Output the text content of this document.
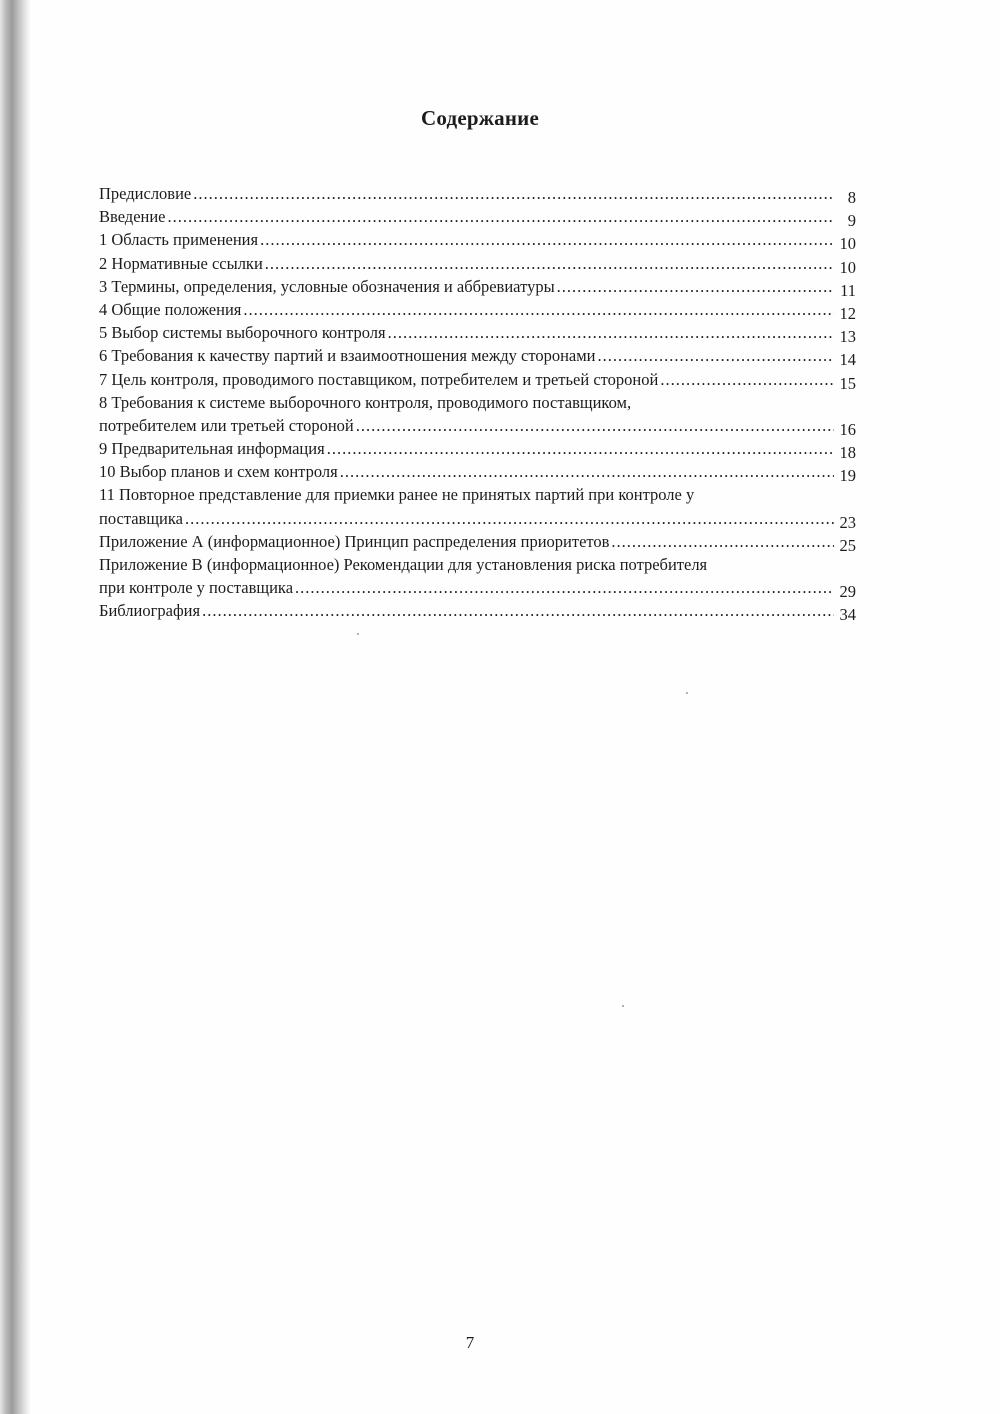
Содержание
Предисловие .....	8
Введение .....	9
1 Область применения .....	10
2 Нормативные ссылки .....	10
3 Термины, определения, условные обозначения и аббревиатуры .....	11
4 Общие положения .....	12
5 Выбор системы выборочного контроля .....	13
6 Требования к качеству партий и взаимоотношения между сторонами .....	14
7 Цель контроля, проводимого поставщиком, потребителем и третьей стороной .....	15
8 Требования к системе выборочного контроля, проводимого поставщиком,
потребителем или третьей стороной .....	16
9 Предварительная информация .....	18
10 Выбор планов и схем контроля .....	19
11 Повторное представление для приемки ранее не принятых партий при контроле у
поставщика .....	23
Приложение А (информационное) Принцип распределения приоритетов .....	25
Приложение В (информационное) Рекомендации для установления риска потребителя
при контроле у поставщика .....	29
Библиография .....	34
7
